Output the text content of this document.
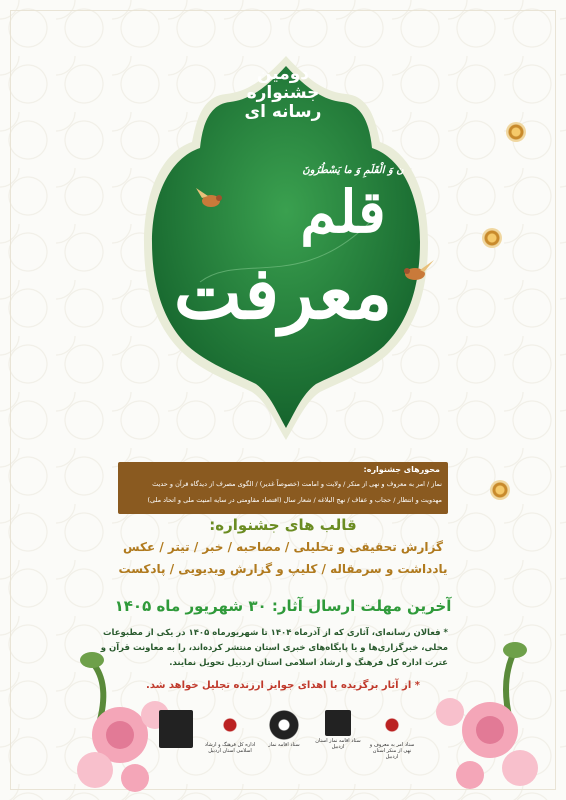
دومین
جشنواره
رسانه ای
ن وَ الْقَلَمِ وَ ما يَسْطُرُونَ
قلم
معرفت
محورهای جشنواره:
نماز / امر به معروف و نهی از منکر / ولایت و امامت (خصوصاً غدیر) / الگوی مصرف از دیدگاه قرآن و حدیث
مهدویت و انتظار / حجاب و عفاف / نهج البلاغه / شعار سال (اقتصاد مقاومتی در سایه امنیت ملی و اتحاد ملی)
قالب های جشنواره:
گزارش تحقیقی و تحلیلی / مصاحبه / خبر / تیتر / عکس
یادداشت و سرمقاله / کلیپ و گزارش ویدیویی / پادکست
آخرین مهلت ارسال آثار: ۳۰ شهریور ماه ۱۴۰۵
* فعالان رسانه‌ای، آثاری که از آذرماه ۱۴۰۴ تا شهریورماه ۱۴۰۵ در یکی از مطبوعات
محلی، خبرگزاری‌ها و یا پایگاه‌های خبری استان منتشر کرده‌اند، را به معاونت قرآن و
عترت اداره کل فرهنگ و ارشاد اسلامی استان اردبیل تحویل نمایند.
* از آثار برگزیده با اهدای جوایز ارزنده تجلیل خواهد شد.
اداره کل فرهنگ و ارشاد اسلامی استان اردبیل
ستاد اقامه نماز
ستاد اقامه نماز استان اردبیل	ستاد امر به معروف و نهی از منکر استان اردبیل
